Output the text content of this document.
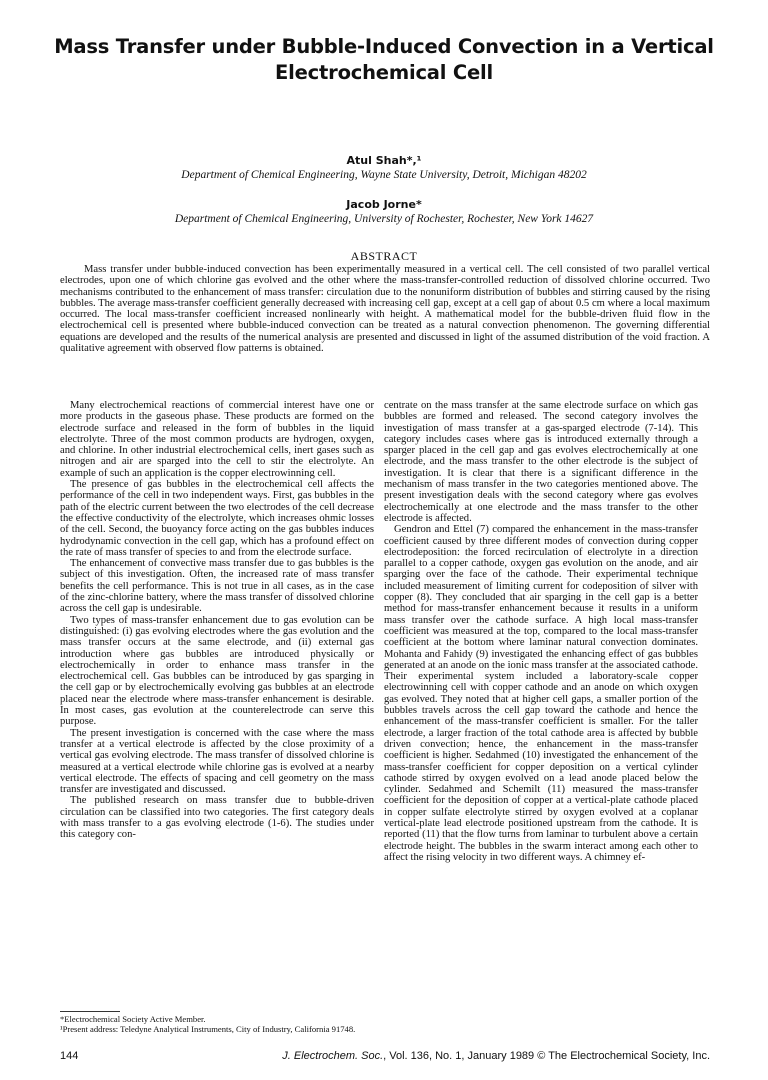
Mass Transfer under Bubble-Induced Convection in a Vertical Electrochemical Cell
Atul Shah*,¹
Department of Chemical Engineering, Wayne State University, Detroit, Michigan 48202
Jacob Jorne*
Department of Chemical Engineering, University of Rochester, Rochester, New York 14627
ABSTRACT
Mass transfer under bubble-induced convection has been experimentally measured in a vertical cell. The cell consisted of two parallel vertical electrodes, upon one of which chlorine gas evolved and the other where the mass-transfer-controlled reduction of dissolved chlorine occurred. Two mechanisms contributed to the enhancement of mass transfer: circulation due to the nonuniform distribution of bubbles and stirring caused by the rising bubbles. The average mass-transfer coefficient generally decreased with increasing cell gap, except at a cell gap of about 0.5 cm where a local maximum occurred. The local mass-transfer coefficient increased nonlinearly with height. A mathematical model for the bubble-driven fluid flow in the electrochemical cell is presented where bubble-induced convection can be treated as a natural convection phenomenon. The governing differential equations are developed and the results of the numerical analysis are presented and discussed in light of the assumed distribution of the void fraction. A qualitative agreement with observed flow patterns is obtained.

Many electrochemical reactions of commercial interest have one or more products in the gaseous phase. These products are formed on the electrode surface and released in the form of bubbles in the liquid electrolyte. Three of the most common products are hydrogen, oxygen, and chlorine. In other industrial electrochemical cells, inert gases such as nitrogen and air are sparged into the cell to stir the electrolyte. An example of such an application is the copper electrowinning cell.

The presence of gas bubbles in the electrochemical cell affects the performance of the cell in two independent ways. First, gas bubbles in the path of the electric current between the two electrodes of the cell decrease the effective conductivity of the electrolyte, which increases ohmic losses of the cell. Second, the buoyancy force acting on the gas bubbles induces hydrodynamic convection in the cell gap, which has a profound effect on the rate of mass transfer of species to and from the electrode surface.

The enhancement of convective mass transfer due to gas bubbles is the subject of this investigation. Often, the increased rate of mass transfer benefits the cell performance. This is not true in all cases, as in the case of the zinc-chlorine battery, where the mass transfer of dissolved chlorine across the cell gap is undesirable.

Two types of mass-transfer enhancement due to gas evolution can be distinguished: (i) gas evolving electrodes where the gas evolution and the mass transfer occurs at the same electrode, and (ii) external gas introduction where gas bubbles are introduced physically or electrochemically in order to enhance mass transfer in the electrochemical cell. Gas bubbles can be introduced by gas sparging in the cell gap or by electrochemically evolving gas bubbles at an electrode placed near the electrode where mass-transfer enhancement is desirable. In most cases, gas evolution at the counterelectrode can serve this purpose.

The present investigation is concerned with the case where the mass transfer at a vertical electrode is affected by the close proximity of a vertical gas evolving electrode. The mass transfer of dissolved chlorine is measured at a vertical electrode while chlorine gas is evolved at a nearby vertical electrode. The effects of spacing and cell geometry on the mass transfer are investigated and discussed.

The published research on mass transfer due to bubble-driven circulation can be classified into two categories. The first category deals with mass transfer to a gas evolving electrode (1-6). The studies under this category con-

centrate on the mass transfer at the same electrode surface on which gas bubbles are formed and released. The second category involves the investigation of mass transfer at a gas-sparged electrode (7-14). This category includes cases where gas is introduced externally through a sparger placed in the cell gap and gas evolves electrochemically at one electrode, and the mass transfer to the other electrode is the subject of investigation. It is clear that there is a significant difference in the mechanism of mass transfer in the two categories mentioned above. The present investigation deals with the second category where gas evolves electrochemically at one electrode and the mass transfer to the other electrode is affected.

Gendron and Ettel (7) compared the enhancement in the mass-transfer coefficient caused by three different modes of convection during copper electrodeposition: the forced recirculation of electrolyte in a direction parallel to a copper cathode, oxygen gas evolution on the anode, and air sparging over the face of the cathode. Their experimental technique included measurement of limiting current for codeposition of silver with copper (8). They concluded that air sparging in the cell gap is a better method for mass-transfer enhancement because it results in a uniform mass transfer over the cathode surface. A high local mass-transfer coefficient was measured at the top, compared to the local mass-transfer coefficient at the bottom where laminar natural convection dominates. Mohanta and Fahidy (9) investigated the enhancing effect of gas bubbles generated at an anode on the ionic mass transfer at the associated cathode. Their experimental system included a laboratory-scale copper electrowinning cell with copper cathode and an anode on which oxygen gas evolved. They noted that at higher cell gaps, a smaller portion of the bubbles travels across the cell gap toward the cathode and hence the enhancement of the mass-transfer coefficient is smaller. For the taller electrode, a larger fraction of the total cathode area is affected by bubble driven convection; hence, the enhancement in the mass-transfer coefficient is higher. Sedahmed (10) investigated the enhancement of the mass-transfer coefficient for copper deposition on a vertical cylinder cathode stirred by oxygen evolved on a lead anode placed below the cylinder. Sedahmed and Schemilt (11) measured the mass-transfer coefficient for the deposition of copper at a vertical-plate cathode placed in copper sulfate electrolyte stirred by oxygen evolved at a coplanar vertical-plate lead electrode positioned upstream from the cathode. It is reported (11) that the flow turns from laminar to turbulent above a certain electrode height. The bubbles in the swarm interact among each other to affect the rising velocity in two different ways. A chimney ef-

*Electrochemical Society Active Member.
¹Present address: Teledyne Analytical Instruments, City of Industry, California 91748.
144	J. Electrochem. Soc., Vol. 136, No. 1, January 1989 © The Electrochemical Society, Inc.
